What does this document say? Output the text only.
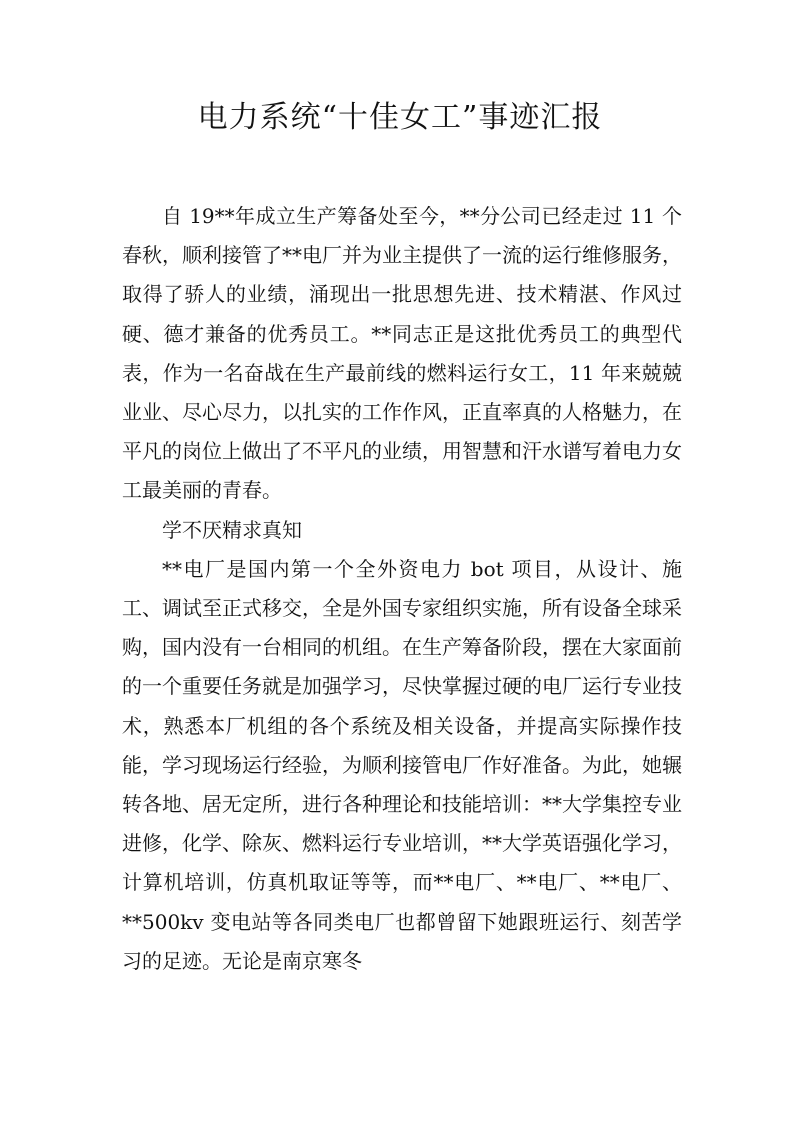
电力系统“十佳女工”事迹汇报

自 19**年成立生产筹备处至今，**分公司已经走过 11 个春秋，顺利接管了**电厂并为业主提供了一流的运行维修服务，取得了骄人的业绩，涌现出一批思想先进、技术精湛、作风过硬、德才兼备的优秀员工。**同志正是这批优秀员工的典型代表，作为一名奋战在生产最前线的燃料运行女工，11 年来兢兢业业、尽心尽力，以扎实的工作作风，正直率真的人格魅力，在平凡的岗位上做出了不平凡的业绩，用智慧和汗水谱写着电力女工最美丽的青春。

学不厌精求真知

**电厂是国内第一个全外资电力 bot 项目，从设计、施工、调试至正式移交，全是外国专家组织实施，所有设备全球采购，国内没有一台相同的机组。在生产筹备阶段，摆在大家面前的一个重要任务就是加强学习，尽快掌握过硬的电厂运行专业技术，熟悉本厂机组的各个系统及相关设备，并提高实际操作技能，学习现场运行经验，为顺利接管电厂作好准备。为此，她辗转各地、居无定所，进行各种理论和技能培训：**大学集控专业进修，化学、除灰、燃料运行专业培训，**大学英语强化学习，计算机培训，仿真机取证等等，而**电厂、**电厂、**电厂、**500kv 变电站等各同类电厂也都曾留下她跟班运行、刻苦学习的足迹。无论是南京寒冬
